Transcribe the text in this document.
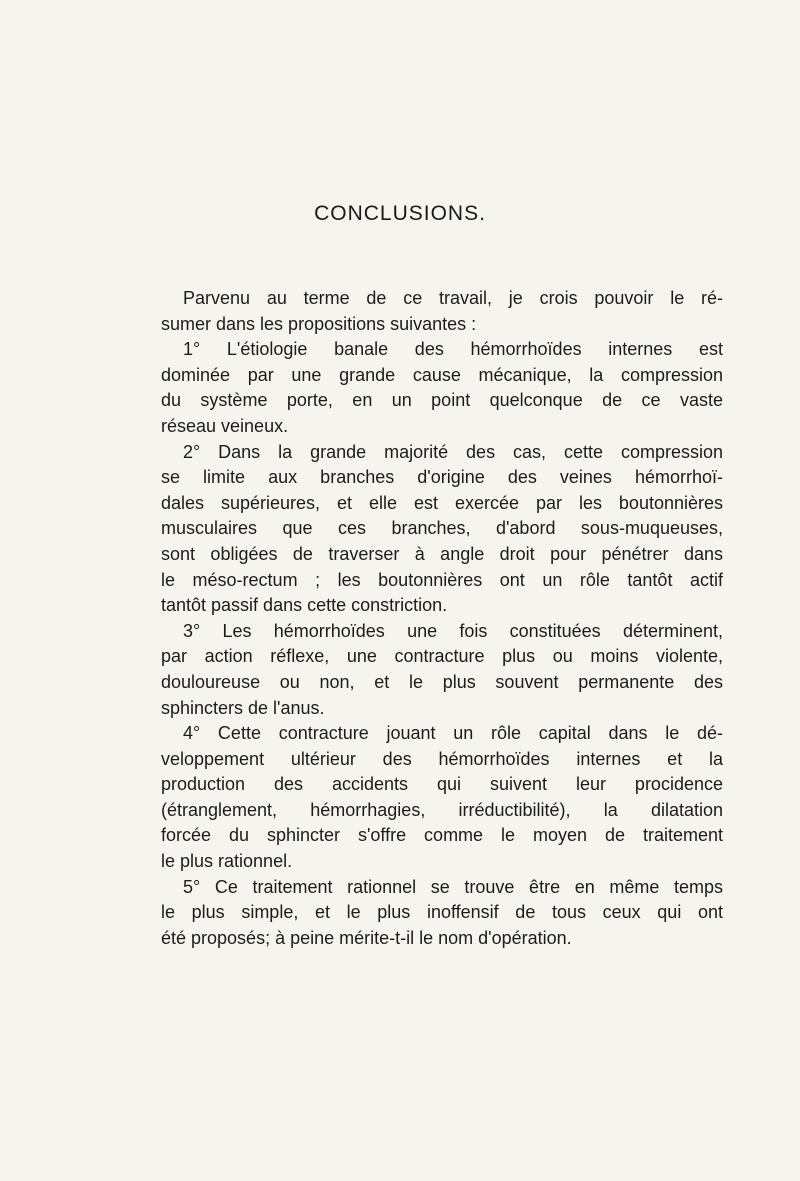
CONCLUSIONS.
Parvenu au terme de ce travail, je crois pouvoir le ré-
sumer dans les propositions suivantes :
1° L'étiologie banale des hémorrhoïdes internes est
dominée par une grande cause mécanique, la compression
du système porte, en un point quelconque de ce vaste
réseau veineux.
2° Dans la grande majorité des cas, cette compression
se limite aux branches d'origine des veines hémorrhoï-
dales supérieures, et elle est exercée par les boutonnières
musculaires que ces branches, d'abord sous-muqueuses,
sont obligées de traverser à angle droit pour pénétrer dans
le méso-rectum ; les boutonnières ont un rôle tantôt actif
tantôt passif dans cette constriction.
3° Les hémorrhoïdes une fois constituées déterminent,
par action réflexe, une contracture plus ou moins violente,
douloureuse ou non, et le plus souvent permanente des
sphincters de l'anus.
4° Cette contracture jouant un rôle capital dans le dé-
veloppement ultérieur des hémorrhoïdes internes et la
production des accidents qui suivent leur procidence
(étranglement, hémorrhagies, irréductibilité), la dilatation
forcée du sphincter s'offre comme le moyen de traitement
le plus rationnel.
5° Ce traitement rationnel se trouve être en même temps
le plus simple, et le plus inoffensif de tous ceux qui ont
été proposés; à peine mérite-t-il le nom d'opération.
